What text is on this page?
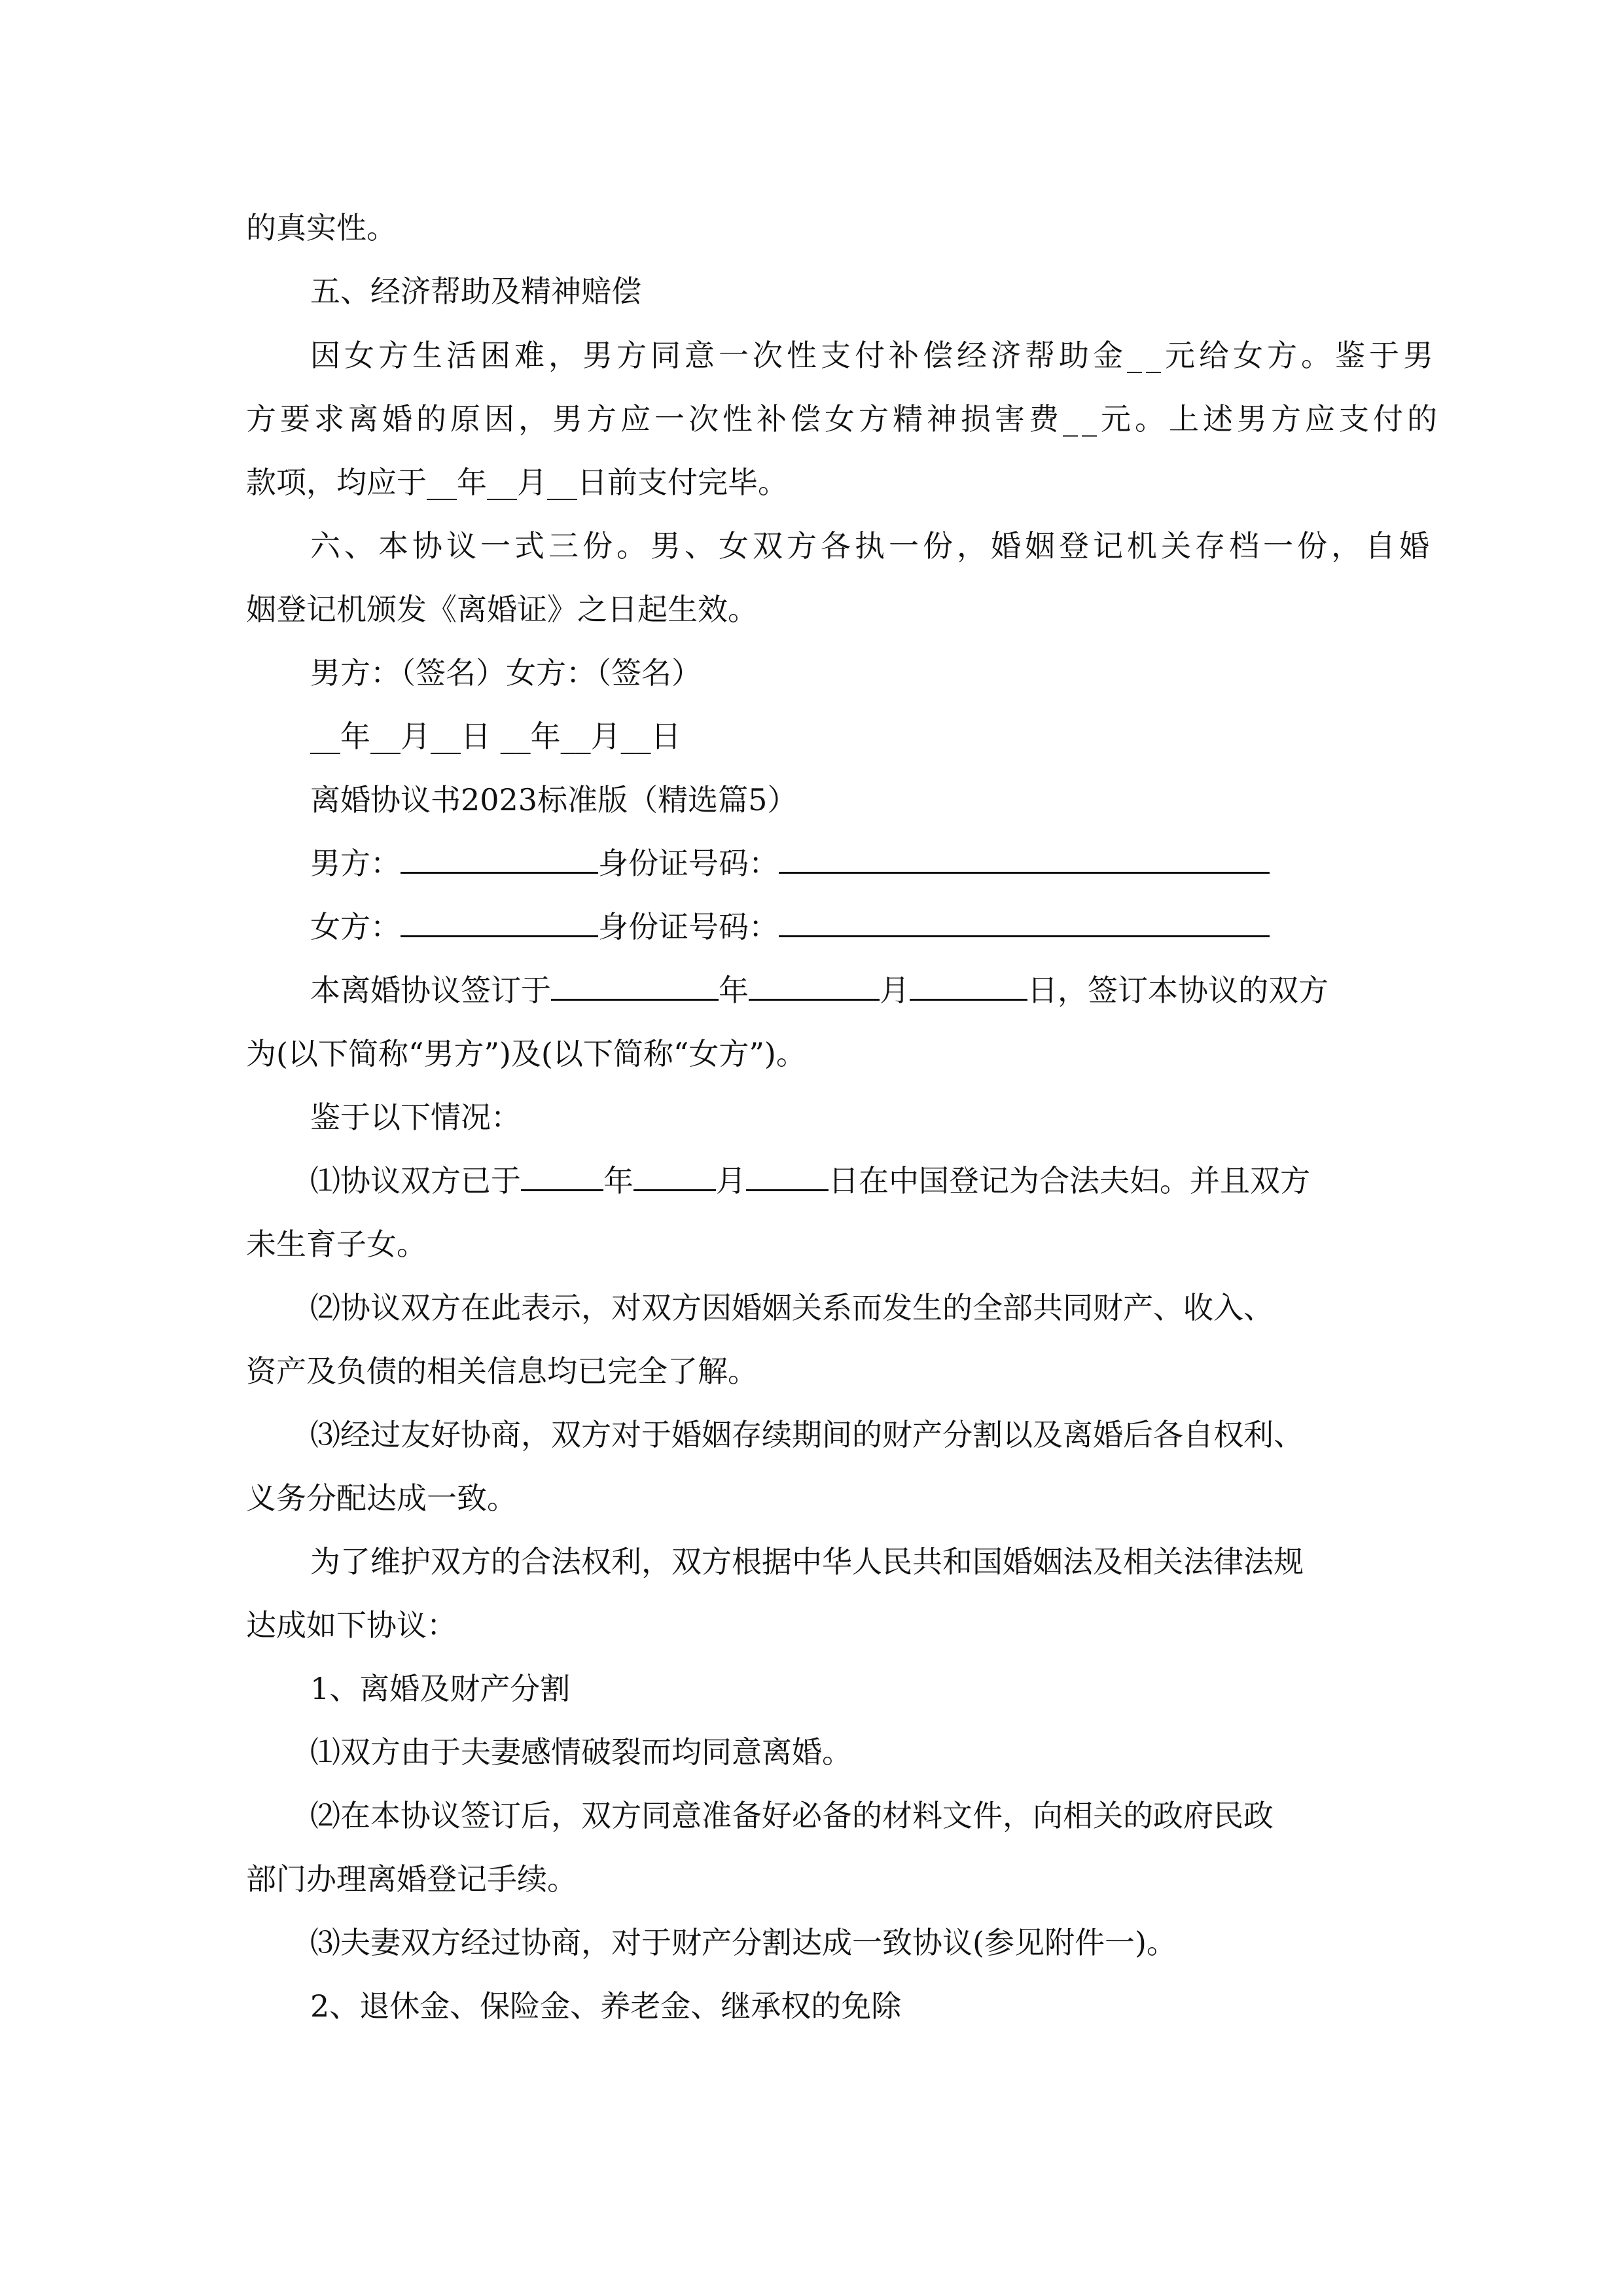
的真实性。
五、经济帮助及精神赔偿
因女方生活困难，男方同意一次性支付补偿经济帮助金__元给女方。鉴于男
方要求离婚的原因，男方应一次性补偿女方精神损害费__元。上述男方应支付的
款项，均应于__年__月__日前支付完毕。
六、本协议一式三份。男、女双方各执一份，婚姻登记机关存档一份，自婚
姻登记机颁发《离婚证》之日起生效。
男方：（签名）女方：（签名）
__年__月__日 __年__月__日
离婚协议书2023标准版（精选篇5）
男方：	身份证号码：
女方：	身份证号码：
本离婚协议签订于	年	月	日，签订本协议的双方
为(以下简称“男方”)及(以下简称“女方”)。
鉴于以下情况：
⑴协议双方已于	年	月	日在中国登记为合法夫妇。并且双方
未生育子女。
⑵协议双方在此表示，对双方因婚姻关系而发生的全部共同财产、收入、
资产及负债的相关信息均已完全了解。
⑶经过友好协商，双方对于婚姻存续期间的财产分割以及离婚后各自权利、
义务分配达成一致。
为了维护双方的合法权利，双方根据中华人民共和国婚姻法及相关法律法规
达成如下协议：
1、离婚及财产分割
⑴双方由于夫妻感情破裂而均同意离婚。
⑵在本协议签订后，双方同意准备好必备的材料文件，向相关的政府民政
部门办理离婚登记手续。
⑶夫妻双方经过协商，对于财产分割达成一致协议(参见附件一)。
2、退休金、保险金、养老金、继承权的免除
